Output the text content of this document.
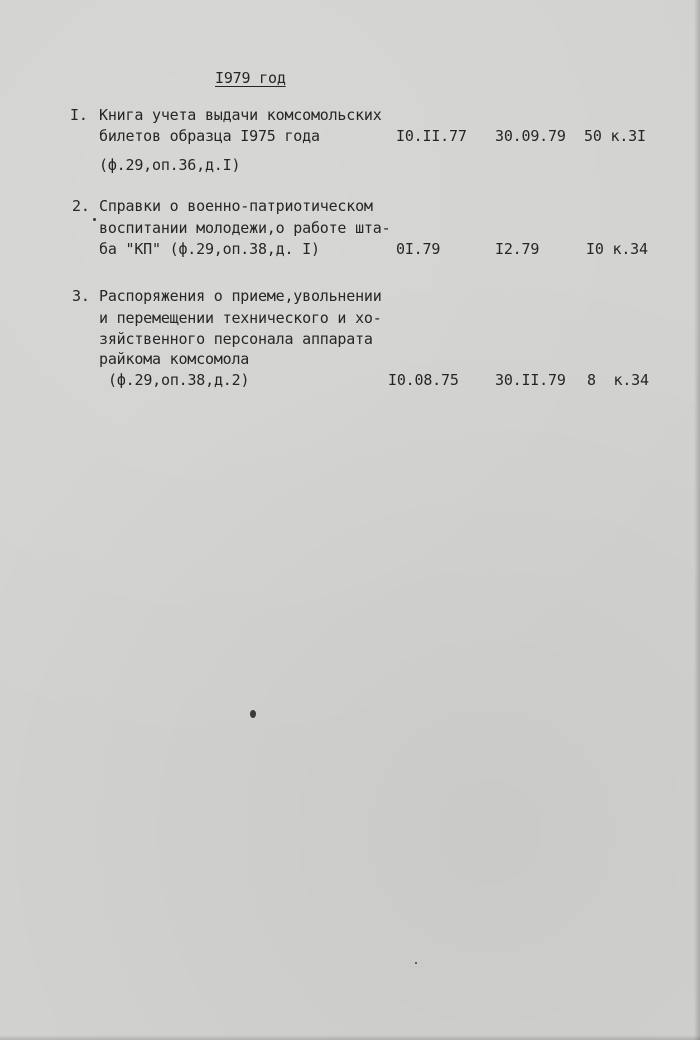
I979 год
I. Книга учета выдачи комсомольских
билетов образца I975 года
(ф.29,оп.36,д.I)
I0.II.77 30.09.79 50 к.3I
2. Справки о военно-патриотическом
воспитании молодежи,о работе шта-
ба "КП" (ф.29,оп.38,д. I)	0I.79	I2.79	I0 к.34
3. Распоряжения о приеме,увольнении
и перемещении технического и хо-
зяйственного персонала аппарата
райкома комсомола
(ф.29,оп.38,д.2)	I0.08.75 30.II.79 8  к.34
